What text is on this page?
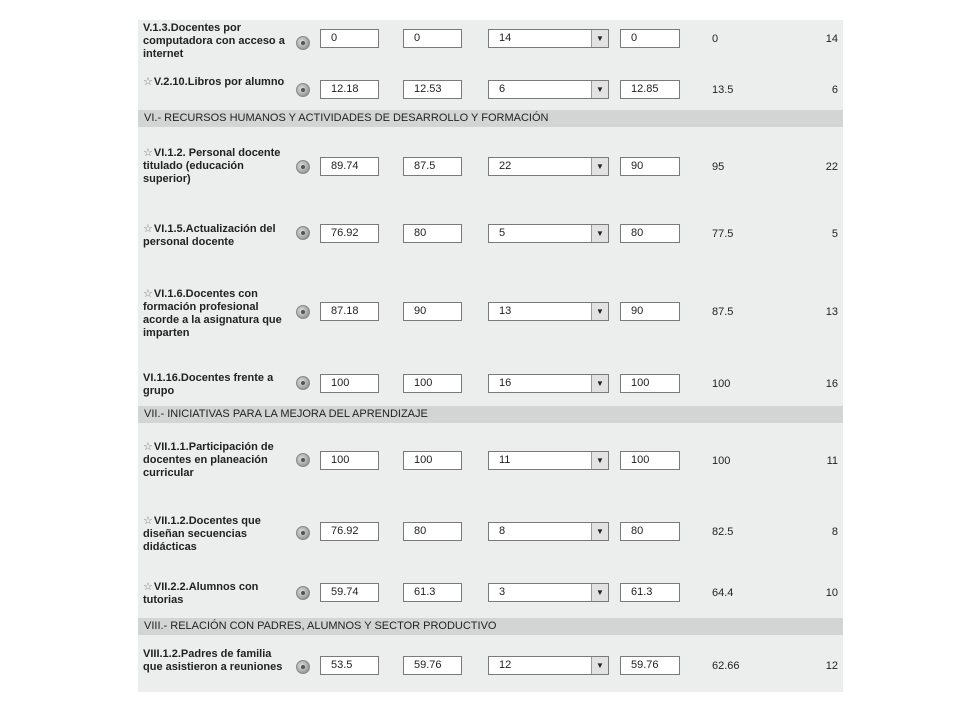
V.1.3.Docentes por computadora con acceso a internet
0	0	14	▼	0	0	14
☆V.2.10.Libros por alumno
12.18	12.53	6	▼	12.85	13.5	6
VI.- RECURSOS HUMANOS Y ACTIVIDADES DE DESARROLLO Y FORMACIÓN
☆VI.1.2. Personal docente titulado (educación superior)
89.74	87.5	22	▼	90	95	22
☆VI.1.5.Actualización del personal docente
76.92	80	5	▼	80	77.5	5
☆VI.1.6.Docentes con formación profesional acorde a la asignatura que imparten
87.18	90	13	▼	90	87.5	13
VI.1.16.Docentes frente a grupo
100	100	16	▼	100	100	16
VII.- INICIATIVAS PARA LA MEJORA DEL APRENDIZAJE
☆VII.1.1.Participación de docentes en planeación curricular
100	100	11	▼	100	100	11
☆VII.1.2.Docentes que diseñan secuencias didácticas
76.92	80	8	▼	80	82.5	8
☆VII.2.2.Alumnos con tutorias
59.74	61.3	3	▼	61.3	64.4	10
VIII.- RELACIÓN CON PADRES, ALUMNOS Y SECTOR PRODUCTIVO
VIII.1.2.Padres de familia que asistieron a reuniones	53.5	59.76	12	▼	59.76	62.66	12
